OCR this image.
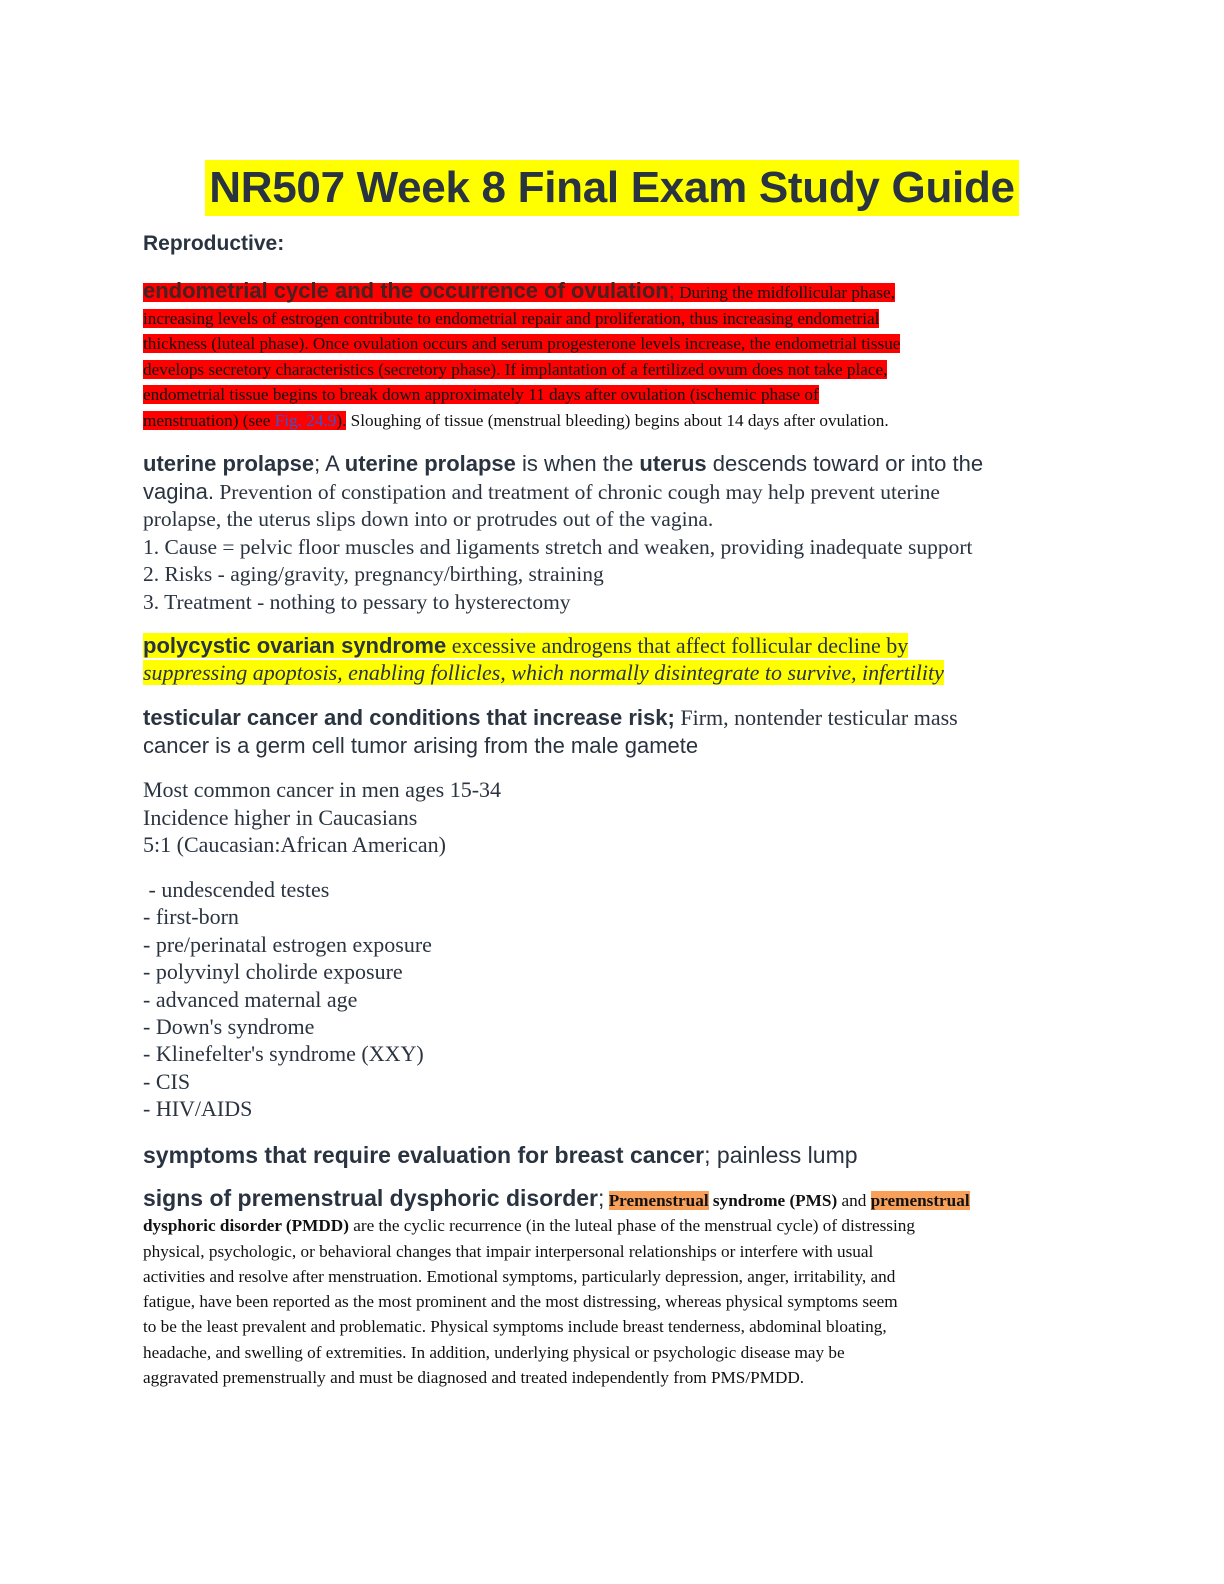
NR507 Week 8 Final Exam Study Guide
Reproductive:
endometrial cycle and the occurrence of ovulation; During the midfollicular phase,
increasing levels of estrogen contribute to endometrial repair and proliferation, thus increasing endometrial
thickness (luteal phase). Once ovulation occurs and serum progesterone levels increase, the endometrial tissue
develops secretory characteristics (secretory phase). If implantation of a fertilized ovum does not take place,
endometrial tissue begins to break down approximately 11 days after ovulation (ischemic phase of
menstruation) (see Fig. 24.9). Sloughing of tissue (menstrual bleeding) begins about 14 days after ovulation.
uterine prolapse; A uterine prolapse is when the uterus descends toward or into the
vagina. Prevention of constipation and treatment of chronic cough may help prevent uterine
prolapse, the uterus slips down into or protrudes out of the vagina.
1. Cause = pelvic floor muscles and ligaments stretch and weaken, providing inadequate support
2. Risks - aging/gravity, pregnancy/birthing, straining
3. Treatment - nothing to pessary to hysterectomy
polycystic ovarian syndrome excessive androgens that affect follicular decline by
suppressing apoptosis, enabling follicles, which normally disintegrate to survive, infertility
testicular cancer and conditions that increase risk; Firm, nontender testicular mass
cancer is a germ cell tumor arising from the male gamete
Most common cancer in men ages 15-34
Incidence higher in Caucasians
5:1 (Caucasian:African American)
- undescended testes
- first-born
- pre/perinatal estrogen exposure
- polyvinyl cholirde exposure
- advanced maternal age
- Down's syndrome
- Klinefelter's syndrome (XXY)
- CIS
- HIV/AIDS
symptoms that require evaluation for breast cancer; painless lump
signs of premenstrual dysphoric disorder; Premenstrual syndrome (PMS) and premenstrual
dysphoric disorder (PMDD) are the cyclic recurrence (in the luteal phase of the menstrual cycle) of distressing
physical, psychologic, or behavioral changes that impair interpersonal relationships or interfere with usual
activities and resolve after menstruation. Emotional symptoms, particularly depression, anger, irritability, and
fatigue, have been reported as the most prominent and the most distressing, whereas physical symptoms seem
to be the least prevalent and problematic. Physical symptoms include breast tenderness, abdominal bloating,
headache, and swelling of extremities. In addition, underlying physical or psychologic disease may be
aggravated premenstrually and must be diagnosed and treated independently from PMS/PMDD.
